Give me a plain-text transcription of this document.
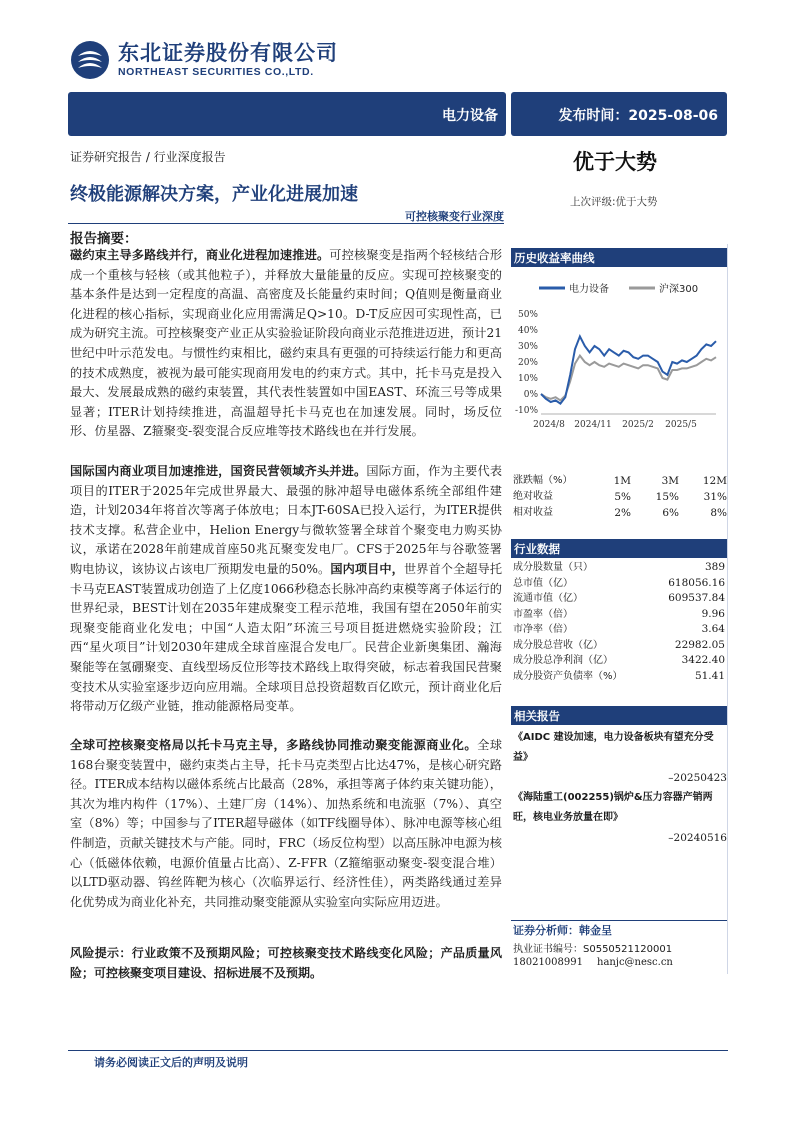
东北证券股份有限公司
NORTHEAST SECURITIES CO.,LTD.
电力设备	发布时间：2025-08-06
证券研究报告 / 行业深度报告	优于大势
终极能源解决方案，产业化进展加速	上次评级:优于大势
可控核聚变行业深度
报告摘要：
磁约束主导多路线并行，商业化进程加速推进。可控核聚变是指两个轻核结合形成一个重核与轻核（或其他粒子），并释放大量能量的反应。实现可控核聚变的基本条件是达到一定程度的高温、高密度及长能量约束时间；Q值则是衡量商业化进程的核心指标，实现商业化应用需满足Q>10。D-T反应因可实现性高，已成为研究主流。可控核聚变产业正从实验验证阶段向商业示范推进迈进，预计21世纪中叶示范发电。与惯性约束相比，磁约束具有更强的可持续运行能力和更高的技术成熟度，被视为最可能实现商用发电的约束方式。其中，托卡马克是投入最大、发展最成熟的磁约束装置，其代表性装置如中国EAST、环流三号等成果显著；ITER计划持续推进，高温超导托卡马克也在加速发展。同时，场反位形、仿星器、Z箍聚变-裂变混合反应堆等技术路线也在并行发展。
国际国内商业项目加速推进，国资民营领域齐头并进。国际方面，作为主要代表项目的ITER于2025年完成世界最大、最强的脉冲超导电磁体系统全部组件建造，计划2034年将首次等离子体放电；日本JT-60SA已投入运行，为ITER提供技术支撑。私营企业中，Helion Energy与微软签署全球首个聚变电力购买协议，承诺在2028年前建成首座50兆瓦聚变发电厂。CFS于2025年与谷歌签署购电协议，该协议占该电厂预期发电量的50%。国内项目中，世界首个全超导托卡马克EAST装置成功创造了上亿度1066秒稳态长脉冲高约束模等离子体运行的世界纪录，BEST计划在2035年建成聚变工程示范堆，我国有望在2050年前实现聚变能商业化发电；中国“人造太阳”环流三号项目挺进燃烧实验阶段；江西“星火项目”计划2030年建成全球首座混合发电厂。民营企业新奥集团、瀚海聚能等在氢硼聚变、直线型场反位形等技术路线上取得突破，标志着我国民营聚变技术从实验室逐步迈向应用端。全球项目总投资超数百亿欧元，预计商业化后将带动万亿级产业链，推动能源格局变革。
全球可控核聚变格局以托卡马克主导，多路线协同推动聚变能源商业化。全球168台聚变装置中，磁约束类占主导，托卡马克类型占比达47%，是核心研究路径。ITER成本结构以磁体系统占比最高（28%，承担等离子体约束关键功能），其次为堆内构件（17%）、土建厂房（14%）、加热系统和电流驱（7%）、真空室（8%）等；中国参与了ITER超导磁体（如TF线圈导体）、脉冲电源等核心组件制造，贡献关键技术与产能。同时，FRC（场反位构型）以高压脉冲电源为核心（低磁体依赖，电源价值量占比高）、Z-FFR（Z箍缩驱动聚变-裂变混合堆）以LTD驱动器、钨丝阵靶为核心（次临界运行、经济性佳），两类路线通过差异化优势成为商业化补充，共同推动聚变能源从实验室向实际应用迈进。
风险提示：行业政策不及预期风险；可控核聚变技术路线变化风险；产品质量风险；可控核聚变项目建设、招标进展不及预期。
历史收益率曲线
电力设备	沪深300
50%
40%
30%
20%
10%
0%
-10%
2024/8 2024/11 2025/2 2025/5
涨跌幅（%）	1M	3M	12M
绝对收益	5%	15%	31%
相对收益	2%	6%	8%
行业数据
成分股数量（只）	389
总市值（亿）	618056.16
流通市值（亿）	609537.84
市盈率（倍）	9.96
市净率（倍）	3.64
成分股总营收（亿）	22982.05
成分股总净利润（亿）	3422.40
成分股资产负债率（%）	51.41
相关报告
《AIDC 建设加速，电力设备板块有望充分受益》
–20250423
《海陆重工(002255)锅炉&压力容器产销两旺，核电业务放量在即》
–20240516
证券分析师：韩金呈
执业证书编号：S0550521120001
18021008991 hanjc@nesc.cn
请务必阅读正文后的声明及说明
